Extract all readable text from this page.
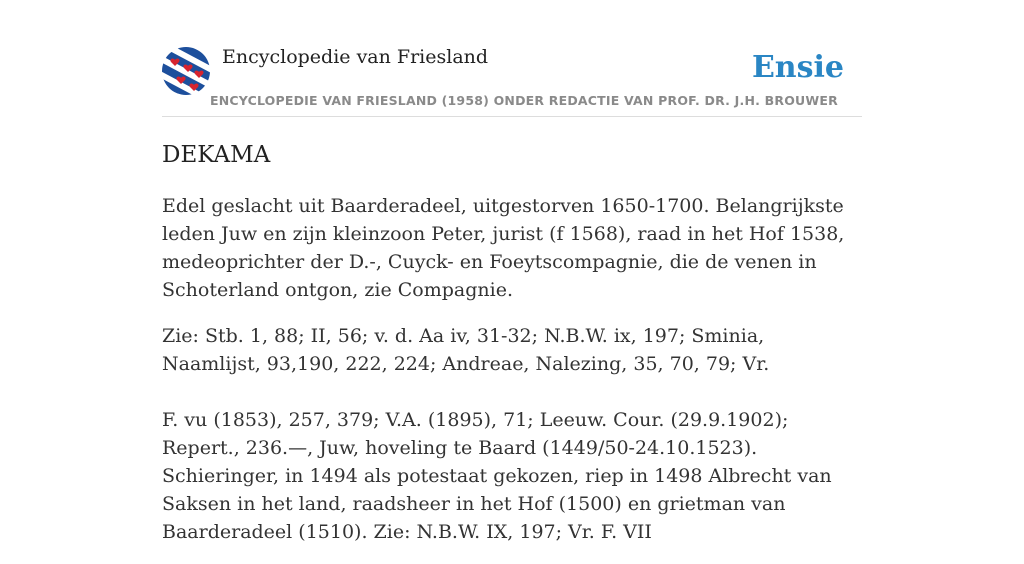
Encyclopedie van Friesland
ENCYCLOPEDIE VAN FRIESLAND (1958) ONDER REDACTIE VAN PROF. DR. J.H. BROUWER
Ensie
DEKAMA

Edel geslacht uit Baarderadeel, uitgestorven 1650-1700. Belangrijkste leden Juw en zijn kleinzoon Peter, jurist (f 1568), raad in het Hof 1538, medeoprichter der D.-, Cuyck- en Foeytscompagnie, die de venen in Schoterland ontgon, zie Compagnie.

Zie: Stb. 1, 88; II, 56; v. d. Aa iv, 31-32; N.B.W. ix, 197; Sminia, Naamlijst, 93,190, 222, 224; Andreae, Nalezing, 35, 70, 79; Vr.

F. vu (1853), 257, 379; V.A. (1895), 71; Leeuw. Cour. (29.9.1902); Repert., 236.—, Juw, hoveling te Baard (1449/50-24.10.1523). Schieringer, in 1494 als potestaat gekozen, riep in 1498 Albrecht van Saksen in het land, raadsheer in het Hof (1500) en grietman van Baarderadeel (1510). Zie: N.B.W. IX, 197; Vr. F. VII
